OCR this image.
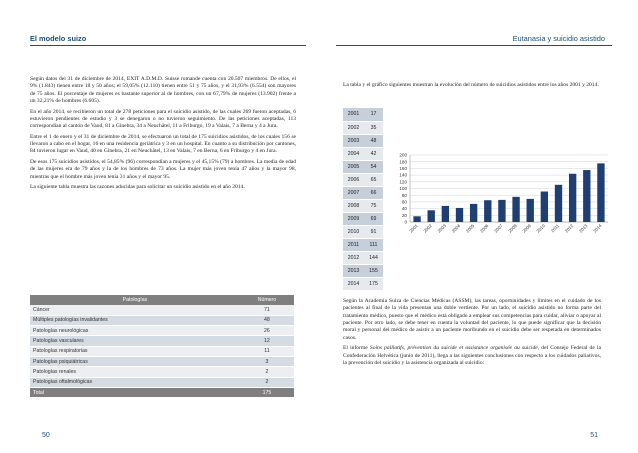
El modelo suizo	Eutanasia y suicidio asistido

Según datos del 31 de diciembre de 2014, EXIT A.D.M.D. Suisse romande cuenta con 20.507 miembros. De ellos, el 9% (1.843) tienen entre 18 y 50 años; el 59,05% (12.110) tienen entre 51 y 75 años, y el 31,93% (6.554) son mayores de 75 años. El porcentaje de mujeres es bastante superior al de hombres, con un 67,79% de mujeres (13.902) frente a un 32,21% de hombres (6.605).

En el año 2014, se recibieron un total de 278 peticiones para el suicidio asistido, de las cuales 269 fueron aceptadas, 6 estuvieron pendientes de estudio y 3 se denegaron o no tuvieron seguimiento. De las peticiones aceptadas, 113 correspondían al cantón de Vaud, 81 a Ginebra, 34 a Neuchâtel, 11 a Friburgo, 19 a Valais, 7 a Berna y 4 a Jura.

Entre el 1 de enero y el 31 de diciembre de 2014, se efectuaron un total de 175 suicidios asistidos, de los cuales 156 se llevaron a cabo en el hogar, 16 en una residencia geriátrica y 3 en un hospital. En cuanto a su distribución por cantones, 84 tuvieron lugar en Vaud, 40 en Ginebra, 21 en Neuchâtel, 13 en Valais, 7 en Berna, 6 en Friburgo y 4 en Jura.

De esos 175 suicidios asistidos, el 54,85% (96) correspondían a mujeres y el 45,15% (79) a hombres. La media de edad de las mujeres era de 79 años y la de los hombres de 73 años. La mujer más joven tenía 47 años y la mayor 98, mientras que el hombre más joven tenía 31 años y el mayor 95.

La siguiente tabla muestra las razones aducidas para solicitar un suicidio asistido en el año 2014.

Patologías	Número
Cáncer	71
Múltiples patologías invalidantes	48
Patologías neurológicas	26
Patologías vasculares	12
Patologías respiratorias	11
Patologías psiquiátricas	3
Patologías renales	2
Patologías oftalmológicas	2
Total	175

La tabla y el gráfico siguientes muestran la evolución del número de suicidios asistidos entre los años 2001 y 2014.

2001	17
2002	35
2003	48
2004	42
2005	54
2006	65
2007	66
2008	75
2009	69
2010	91
2011	111
2012	144
2013	155
2014	175
0
20
40
60
80
100
120
140
160
180
200
2001 2002 2003 2004 2005 2006 2007 2008 2009 2010 2011 2012 2013 2014

Según la Academia Suiza de Ciencias Médicas (ASSM), las tareas, oportunidades y límites en el cuidado de los pacientes al final de la vida presentan una doble vertiente. Por un lado, el suicidio asistido no forma parte del tratamiento médico, puesto que el médico está obligado a emplear sus competencias para cuidar, aliviar o apoyar al paciente. Por otro lado, se debe tener en cuenta la voluntad del paciente, lo que puede significar que la decisión moral y personal del médico de asistir a un paciente moribundo en el suicidio debe ser respetada en determinados casos.

El informe Soins palliatifs, prévention du suicide et assistance organisée au suicide, del Consejo Federal de la Confederación Helvética (junio de 2011), llega a las siguientes conclusiones con respecto a los cuidados paliativos, la prevención del suicidio y la asistencia organizada al suicidio:

50	51
